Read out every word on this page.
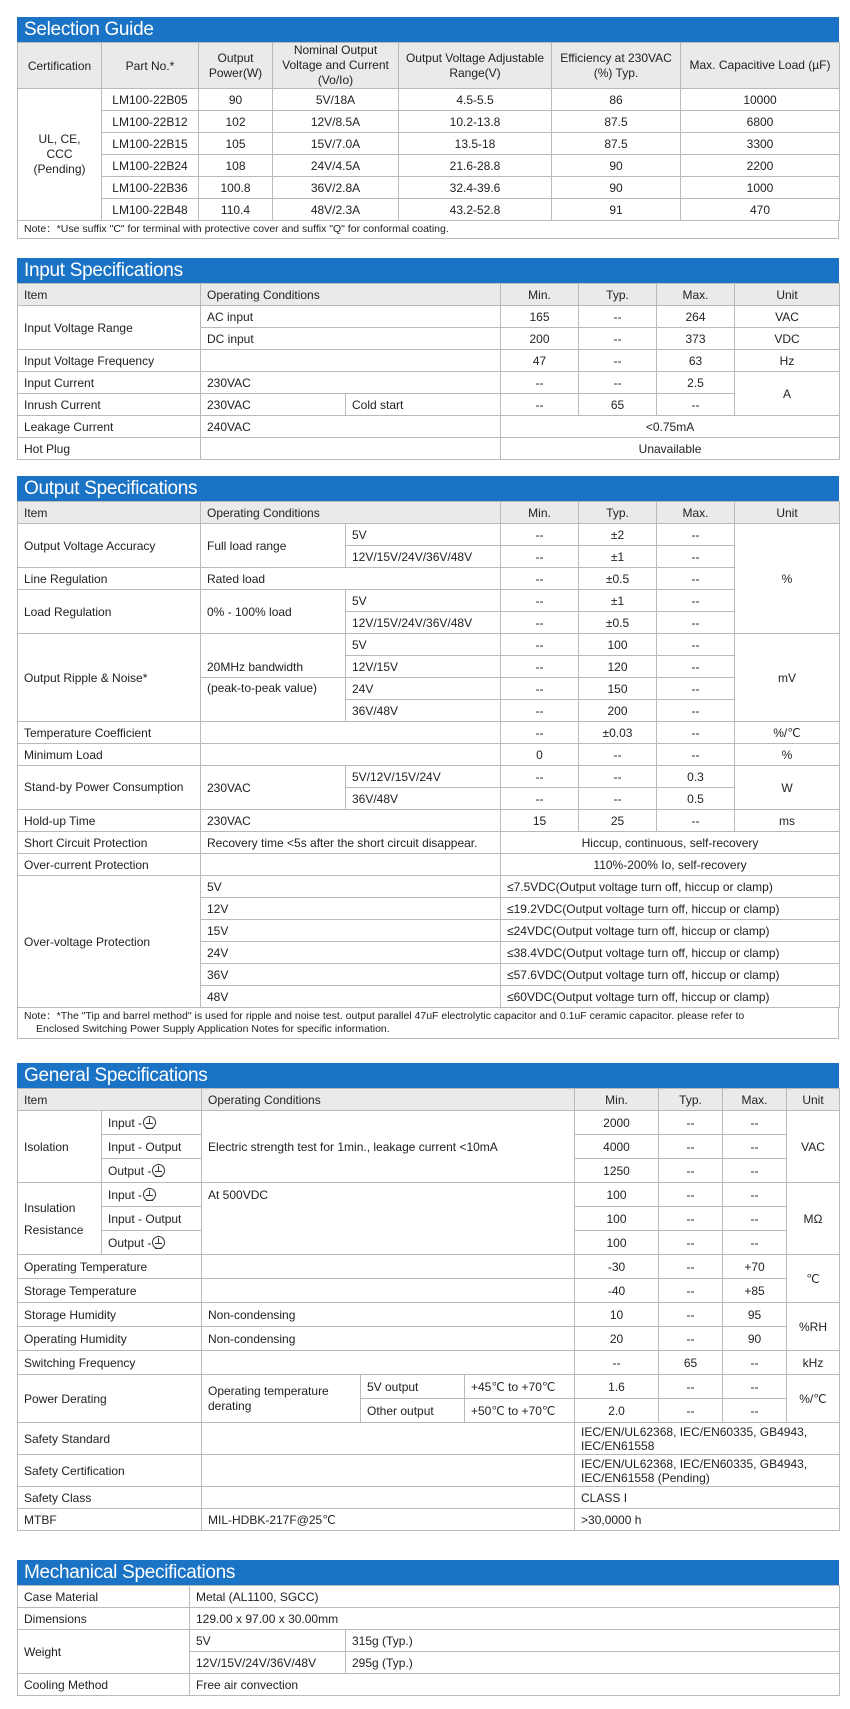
Selection Guide
Certification	Part No.*	Output Power(W)	Nominal Output Voltage and Current (Vo/Io)	Output Voltage Adjustable Range(V)	Efficiency at 230VAC (%) Typ.	Max. Capacitive Load (µF)
UL, CE, CCC (Pending)	LM100-22B05	90	5V/18A	4.5-5.5	86	10000
	LM100-22B12	102	12V/8.5A	10.2-13.8	87.5	6800
	LM100-22B15	105	15V/7.0A	13.5-18	87.5	3300
	LM100-22B24	108	24V/4.5A	21.6-28.8	90	2200
	LM100-22B36	100.8	36V/2.8A	32.4-39.6	90	1000
	LM100-22B48	110.4	48V/2.3A	43.2-52.8	91	470
Note：*Use suffix "C" for terminal with protective cover and suffix "Q" for conformal coating.
Input Specifications
Item	Operating Conditions		Min.	Typ.	Max.	Unit
Input Voltage Range	AC input		165	--	264	VAC
	DC input		200	--	373	VDC
Input Voltage Frequency			47	--	63	Hz
Input Current	230VAC		--	--	2.5	A
Inrush Current	230VAC	Cold start	--	65	--	
Leakage Current	240VAC		<0.75mA			
Hot Plug			Unavailable			
Output Specifications
Item	Operating Conditions		Min.	Typ.	Max.	Unit
Output Voltage Accuracy	Full load range	5V	--	±2	--	%
		12V/15V/24V/36V/48V	--	±1	--	
Line Regulation	Rated load		--	±0.5	--	
Load Regulation	0% - 100% load	5V	--	±1	--	
		12V/15V/24V/36V/48V	--	±0.5	--	
Output Ripple & Noise*	20MHz bandwidth	5V	--	100	--	mV
		12V/15V	--	120	--	
	(peak-to-peak value)	24V	--	150	--	
		36V/48V	--	200	--	
Temperature Coefficient			--	±0.03	--	%/℃
Minimum Load			0	--	--	%
Stand-by Power Consumption	230VAC	5V/12V/15V/24V	--	--	0.3	W
		36V/48V	--	--	0.5	
Hold-up Time	230VAC		15	25	--	ms
Short Circuit Protection	Recovery time <5s after the short circuit disappear.		Hiccup, continuous, self-recovery			
Over-current Protection			110%-200% Io, self-recovery			
Over-voltage Protection	5V		≤7.5VDC(Output voltage turn off, hiccup or clamp)			
	12V		≤19.2VDC(Output voltage turn off, hiccup or clamp)			
	15V		≤24VDC(Output voltage turn off, hiccup or clamp)			
	24V		≤38.4VDC(Output voltage turn off, hiccup or clamp)			
	36V		≤57.6VDC(Output voltage turn off, hiccup or clamp)			
	48V		≤60VDC(Output voltage turn off, hiccup or clamp)			
Note：*The "Tip and barrel method" is used for ripple and noise test. output parallel 47uF electrolytic capacitor and 0.1uF ceramic capacitor. please refer to
Enclosed Switching Power Supply Application Notes for specific information.
General Specifications
Item		Operating Conditions			Min.	Typ.	Max.	Unit
Isolation	Input -	Electric strength test for 1min., leakage current <10mA			2000	--	--	VAC
	Input - Output				4000	--	--	
	Output -				1250	--	--	
Insulation
Resistance	Input -	At 500VDC			100	--	--	MΩ
	Input - Output				100	--	--	
	Output -				100	--	--	
Operating Temperature					-30	--	+70	℃
Storage Temperature					-40	--	+85	
Storage Humidity		Non-condensing			10	--	95	%RH
Operating Humidity		Non-condensing			20	--	90	
Switching Frequency					--	65	--	kHz
Power Derating		Operating temperature derating	5V output	+45℃ to +70℃	1.6	--	--	%/℃
			Other output	+50℃ to +70℃	2.0	--	--	
Safety Standard					IEC/EN/UL62368, IEC/EN60335, GB4943, IEC/EN61558			
Safety Certification					IEC/EN/UL62368, IEC/EN60335, GB4943, IEC/EN61558 (Pending)			
Safety Class					CLASS I			
MTBF		MIL-HDBK-217F@25℃			>30,0000 h			
Mechanical Specifications
Case Material	Metal (AL1100, SGCC)	
Dimensions	129.00 x 97.00 x 30.00mm	
Weight	5V	315g (Typ.)
	12V/15V/24V/36V/48V	295g (Typ.)
Cooling Method	Free air convection	
